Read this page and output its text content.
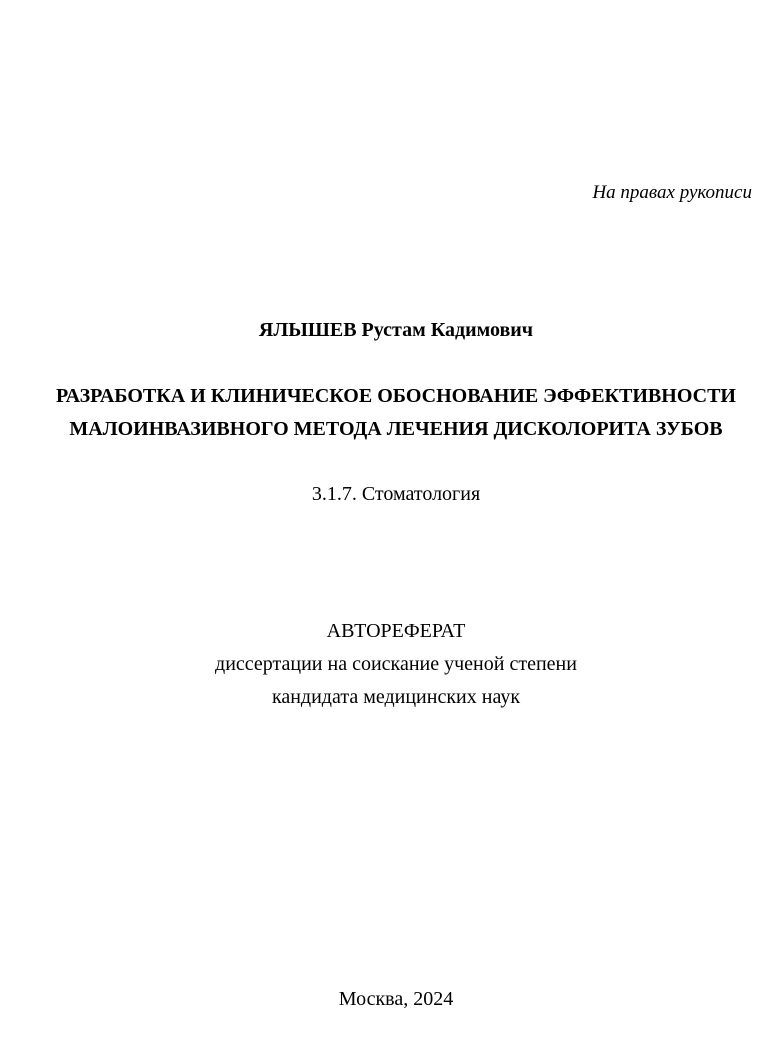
На правах рукописи
ЯЛЫШЕВ Рустам Кадимович
РАЗРАБОТКА И КЛИНИЧЕСКОЕ ОБОСНОВАНИЕ ЭФФЕКТИВНОСТИ
МАЛОИНВАЗИВНОГО МЕТОДА ЛЕЧЕНИЯ ДИСКОЛОРИТА ЗУБОВ
3.1.7. Стоматология
АВТОРЕФЕРАТ
диссертации на соискание ученой степени
кандидата медицинских наук
Москва, 2024
